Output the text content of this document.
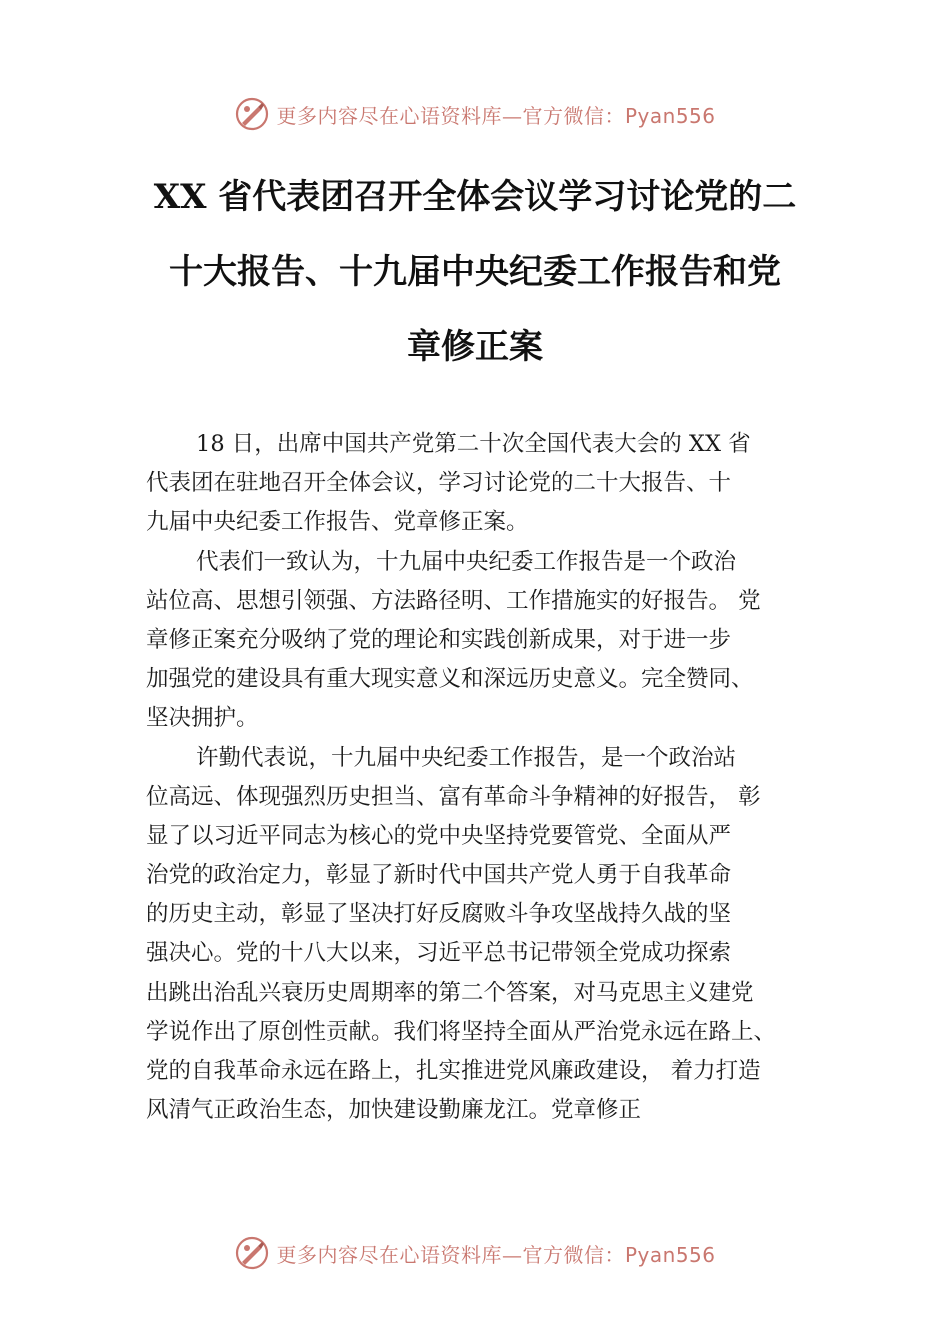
更多内容尽在心语资料库—官方微信：Pyan556
XX 省代表团召开全体会议学习讨论党的二
十大报告、十九届中央纪委工作报告和党
章修正案
18 日，出席中国共产党第二十次全国代表大会的 XX 省
代表团在驻地召开全体会议，学习讨论党的二十大报告、十
九届中央纪委工作报告、党章修正案。
代表们一致认为，十九届中央纪委工作报告是一个政治
站位高、思想引领强、方法路径明、工作措施实的好报告。 党
章修正案充分吸纳了党的理论和实践创新成果，对于进一步
加强党的建设具有重大现实意义和深远历史意义。完全赞同、
坚决拥护。
许勤代表说，十九届中央纪委工作报告，是一个政治站
位高远、体现强烈历史担当、富有革命斗争精神的好报告， 彰
显了以习近平同志为核心的党中央坚持党要管党、全面从严
治党的政治定力，彰显了新时代中国共产党人勇于自我革命
的历史主动，彰显了坚决打好反腐败斗争攻坚战持久战的坚
强决心。党的十八大以来，习近平总书记带领全党成功探索
出跳出治乱兴衰历史周期率的第二个答案，对马克思主义建党
学说作出了原创性贡献。我们将坚持全面从严治党永远在路上、
党的自我革命永远在路上，扎实推进党风廉政建设， 着力打造
风清气正政治生态，加快建设勤廉龙江。党章修正
更多内容尽在心语资料库—官方微信：Pyan556
